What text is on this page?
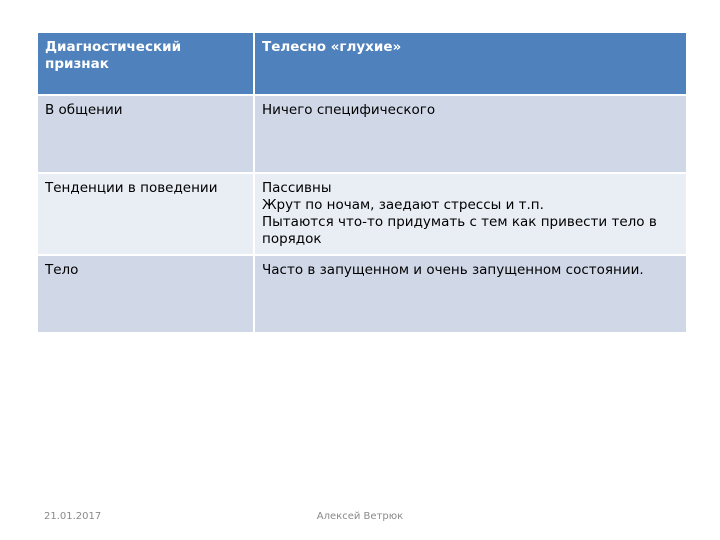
Диагностический признак	Телесно «глухие»
В общении	Ничего специфического

Тенденции в поведении	Пассивны
Жрут по ночам, заедают стрессы и т.п.
Пытаются что-то придумать с тем как привести тело в порядок

Тело	Часто в запущенном и очень запущенном состоянии.
21.01.2017	Алексей Ветрюк
